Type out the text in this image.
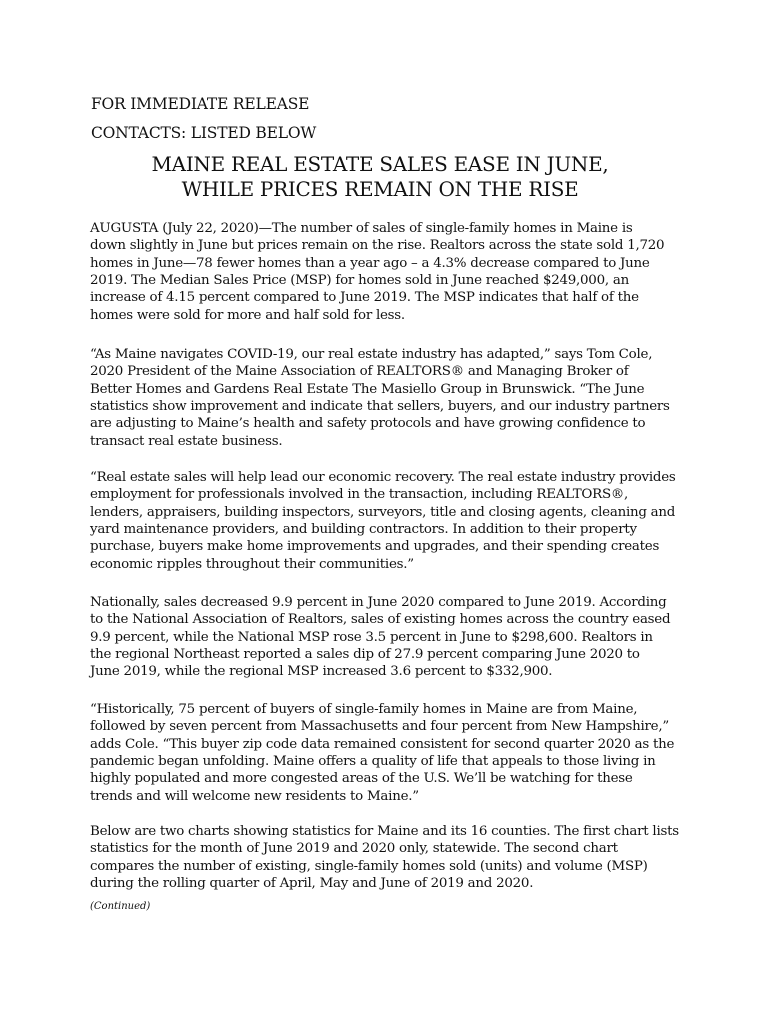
FOR IMMEDIATE RELEASE
CONTACTS: LISTED BELOW
MAINE REAL ESTATE SALES EASE IN JUNE,
WHILE PRICES REMAIN ON THE RISE
AUGUSTA (July 22, 2020)—The number of sales of single-family homes in Maine is
down slightly in June but prices remain on the rise. Realtors across the state sold 1,720
homes in June—78 fewer homes than a year ago – a 4.3% decrease compared to June
2019. The Median Sales Price (MSP) for homes sold in June reached $249,000, an
increase of 4.15 percent compared to June 2019. The MSP indicates that half of the
homes were sold for more and half sold for less.
“As Maine navigates COVID-19, our real estate industry has adapted,” says Tom Cole,
2020 President of the Maine Association of REALTORS® and Managing Broker of
Better Homes and Gardens Real Estate The Masiello Group in Brunswick. “The June
statistics show improvement and indicate that sellers, buyers, and our industry partners
are adjusting to Maine’s health and safety protocols and have growing confidence to
transact real estate business.
“Real estate sales will help lead our economic recovery. The real estate industry provides
employment for professionals involved in the transaction, including REALTORS®,
lenders, appraisers, building inspectors, surveyors, title and closing agents, cleaning and
yard maintenance providers, and building contractors. In addition to their property
purchase, buyers make home improvements and upgrades, and their spending creates
economic ripples throughout their communities.”
Nationally, sales decreased 9.9 percent in June 2020 compared to June 2019. According
to the National Association of Realtors, sales of existing homes across the country eased
9.9 percent, while the National MSP rose 3.5 percent in June to $298,600. Realtors in
the regional Northeast reported a sales dip of 27.9 percent comparing June 2020 to
June 2019, while the regional MSP increased 3.6 percent to $332,900.
“Historically, 75 percent of buyers of single-family homes in Maine are from Maine,
followed by seven percent from Massachusetts and four percent from New Hampshire,”
adds Cole. “This buyer zip code data remained consistent for second quarter 2020 as the
pandemic began unfolding. Maine offers a quality of life that appeals to those living in
highly populated and more congested areas of the U.S. We’ll be watching for these
trends and will welcome new residents to Maine.”
Below are two charts showing statistics for Maine and its 16 counties. The first chart lists
statistics for the month of June 2019 and 2020 only, statewide. The second chart
compares the number of existing, single-family homes sold (units) and volume (MSP)
during the rolling quarter of April, May and June of 2019 and 2020.
(Continued)
